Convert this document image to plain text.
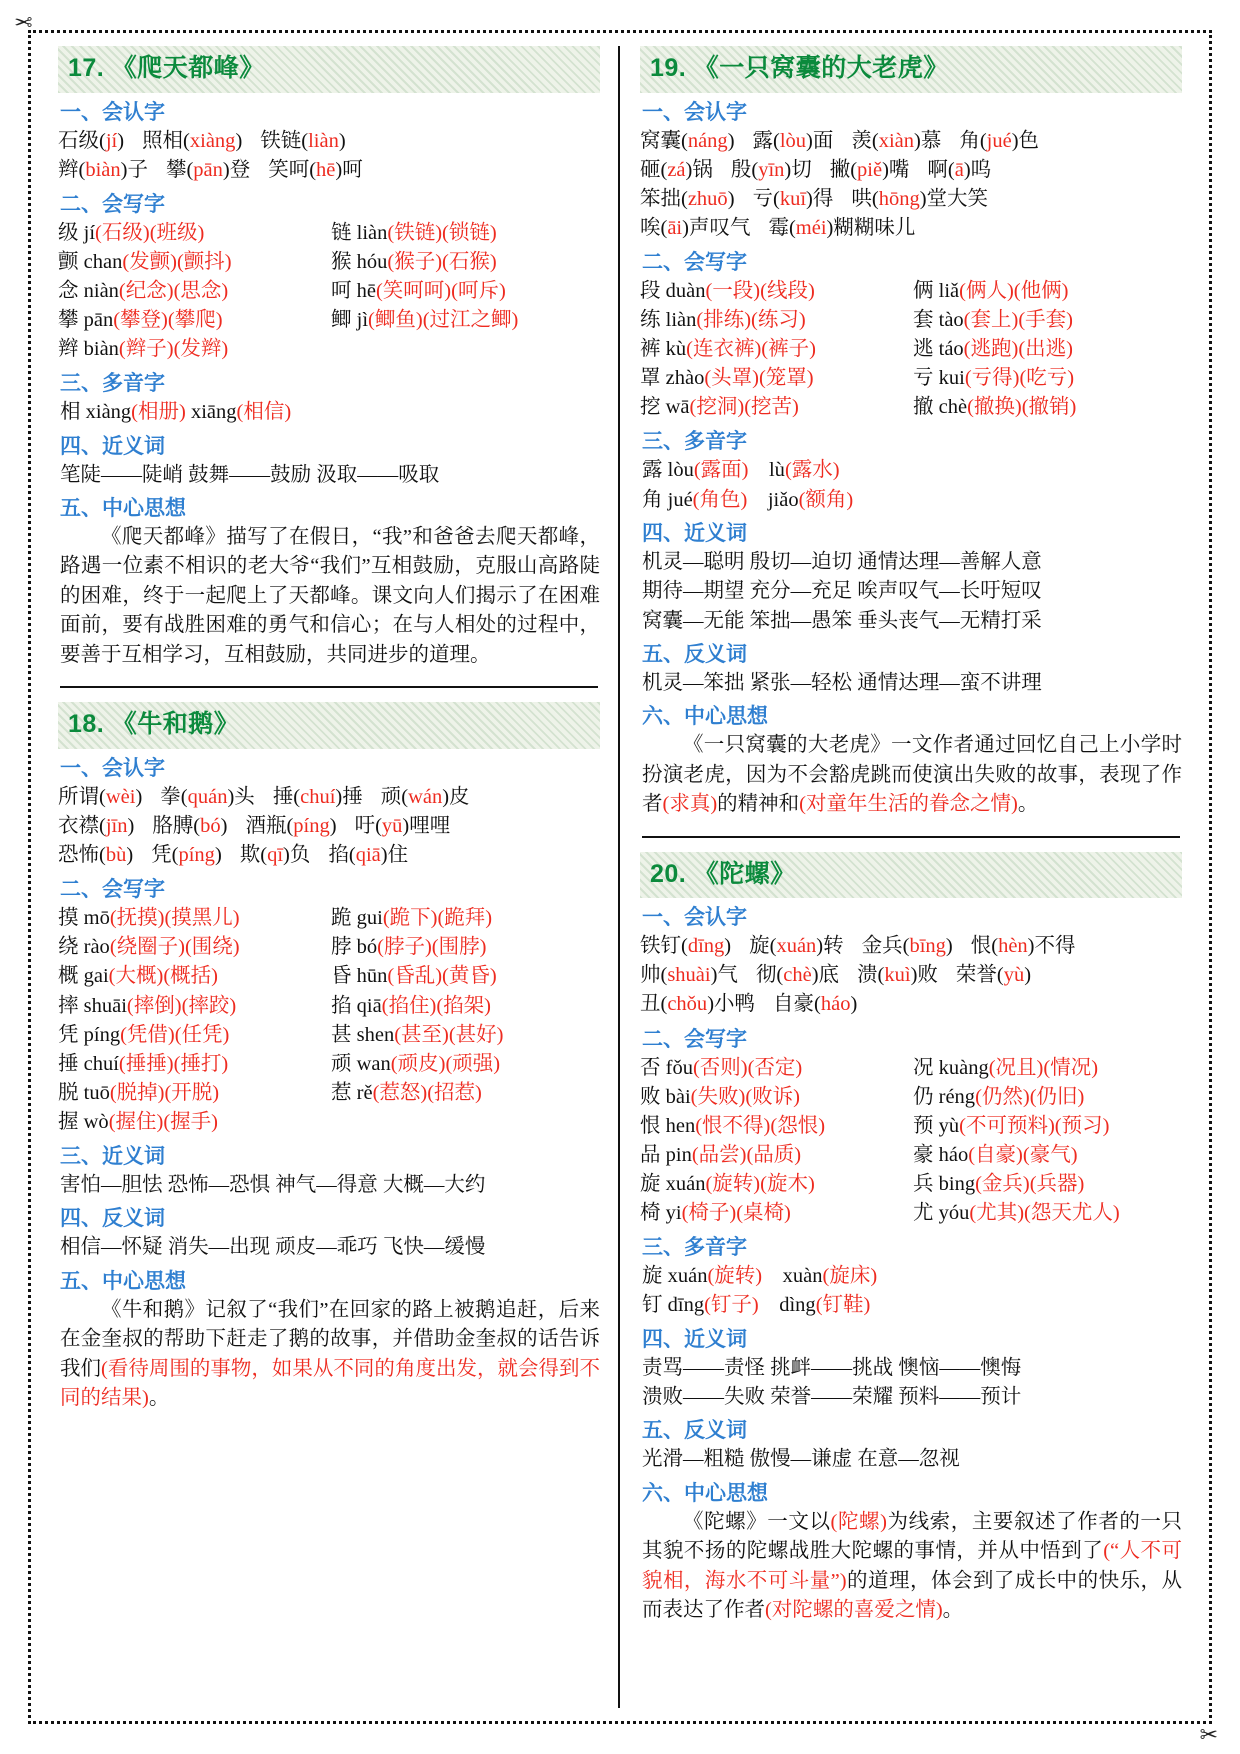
✂
✂
17. 《爬天都峰》
一、会认字
石级(jí) 照相(xiàng) 铁链(liàn)
辫(biàn)子 攀(pān)登 笑呵(hē)呵
二、会写字
级 jí(石级)(班级)	链 liàn(铁链)(锁链)
颤 chan(发颤)(颤抖)	猴 hóu(猴子)(石猴)
念 niàn(纪念)(思念)	呵 hē(笑呵呵)(呵斥)
攀 pān(攀登)(攀爬)	鲫 jì(鲫鱼)(过江之鲫)
辫 biàn(辫子)(发辫)
三、多音字
相 xiàng(相册) xiāng(相信)
四、近义词
笔陡——陡峭 鼓舞——鼓励 汲取——吸取
五、中心思想
《爬天都峰》描写了在假日，“我”和爸爸去爬天都峰，路遇一位素不相识的老大爷“我们”互相鼓励，克服山高路陡的困难，终于一起爬上了天都峰。课文向人们揭示了在困难面前，要有战胜困难的勇气和信心；在与人相处的过程中，要善于互相学习，互相鼓励，共同进步的道理。
18. 《牛和鹅》
一、会认字
所谓(wèi) 拳(quán)头 捶(chuí)捶 顽(wán)皮
衣襟(jīn) 胳膊(bó) 酒瓶(píng) 吁(yū)哩哩
恐怖(bù) 凭(píng) 欺(qī)负 掐(qiā)住
二、会写字
摸 mō(抚摸)(摸黑儿)	跪 gui(跪下)(跪拜)
绕 rào(绕圈子)(围绕)	脖 bó(脖子)(围脖)
概 gai(大概)(概括)	昏 hūn(昏乱)(黄昏)
摔 shuāi(摔倒)(摔跤)	掐 qiā(掐住)(掐架)
凭 píng(凭借)(任凭)	甚 shen(甚至)(甚好)
捶 chuí(捶捶)(捶打)	顽 wan(顽皮)(顽强)
脱 tuō(脱掉)(开脱)	惹 rě(惹怒)(招惹)
握 wò(握住)(握手)
三、近义词
害怕—胆怯 恐怖—恐惧 神气—得意 大概—大约
四、反义词
相信—怀疑 消失—出现 顽皮—乖巧 飞快—缓慢
五、中心思想
《牛和鹅》记叙了“我们”在回家的路上被鹅追赶，后来在金奎叔的帮助下赶走了鹅的故事，并借助金奎叔的话告诉我们(看待周围的事物，如果从不同的角度出发，就会得到不同的结果)。
19. 《一只窝囊的大老虎》
一、会认字
窝囊(náng) 露(lòu)面 羡(xiàn)慕 角(jué)色
砸(zá)锅 殷(yīn)切 撇(piě)嘴 啊(ā)呜
笨拙(zhuō) 亏(kuī)得 哄(hōng)堂大笑
唉(āi)声叹气 霉(méi)糊糊味儿
二、会写字
段 duàn(一段)(线段)	俩 liǎ(俩人)(他俩)
练 liàn(排练)(练习)	套 tào(套上)(手套)
裤 kù(连衣裤)(裤子)	逃 táo(逃跑)(出逃)
罩 zhào(头罩)(笼罩)	亏 kui(亏得)(吃亏)
挖 wā(挖洞)(挖苦)	撤 chè(撤换)(撤销)
三、多音字
露 lòu(露面)　lù(露水)
角 jué(角色)　jiǎo(额角)
四、近义词
机灵—聪明 殷切—迫切 通情达理—善解人意
期待—期望 充分—充足 唉声叹气—长吁短叹
窝囊—无能 笨拙—愚笨 垂头丧气—无精打采
五、反义词
机灵—笨拙 紧张—轻松 通情达理—蛮不讲理
六、中心思想
《一只窝囊的大老虎》一文作者通过回忆自己上小学时扮演老虎，因为不会豁虎跳而使演出失败的故事，表现了作者(求真)的精神和(对童年生活的眷念之情)。
20. 《陀螺》
一、会认字
铁钉(dīng) 旋(xuán)转 金兵(bīng) 恨(hèn)不得
帅(shuài)气 彻(chè)底 溃(kuì)败 荣誉(yù)
丑(chǒu)小鸭 自豪(háo)
二、会写字
否 fǒu(否则)(否定)	况 kuàng(况且)(情况)
败 bài(失败)(败诉)	仍 réng(仍然)(仍旧)
恨 hen(恨不得)(怨恨)	预 yù(不可预料)(预习)
品 pin(品尝)(品质)	豪 háo(自豪)(豪气)
旋 xuán(旋转)(旋木)	兵 bing(金兵)(兵器)
椅 yi(椅子)(桌椅)	尤 yóu(尤其)(怨天尤人)
三、多音字
旋 xuán(旋转)　xuàn(旋床)
钉 dīng(钉子)　dìng(钉鞋)
四、近义词
责骂——责怪 挑衅——挑战 懊恼——懊悔
溃败——失败 荣誉——荣耀 预料——预计
五、反义词
光滑—粗糙 傲慢—谦虚 在意—忽视
六、中心思想
《陀螺》一文以(陀螺)为线索，主要叙述了作者的一只其貌不扬的陀螺战胜大陀螺的事情，并从中悟到了(“人不可貌相，海水不可斗量”)的道理，体会到了成长中的快乐，从而表达了作者(对陀螺的喜爱之情)。
